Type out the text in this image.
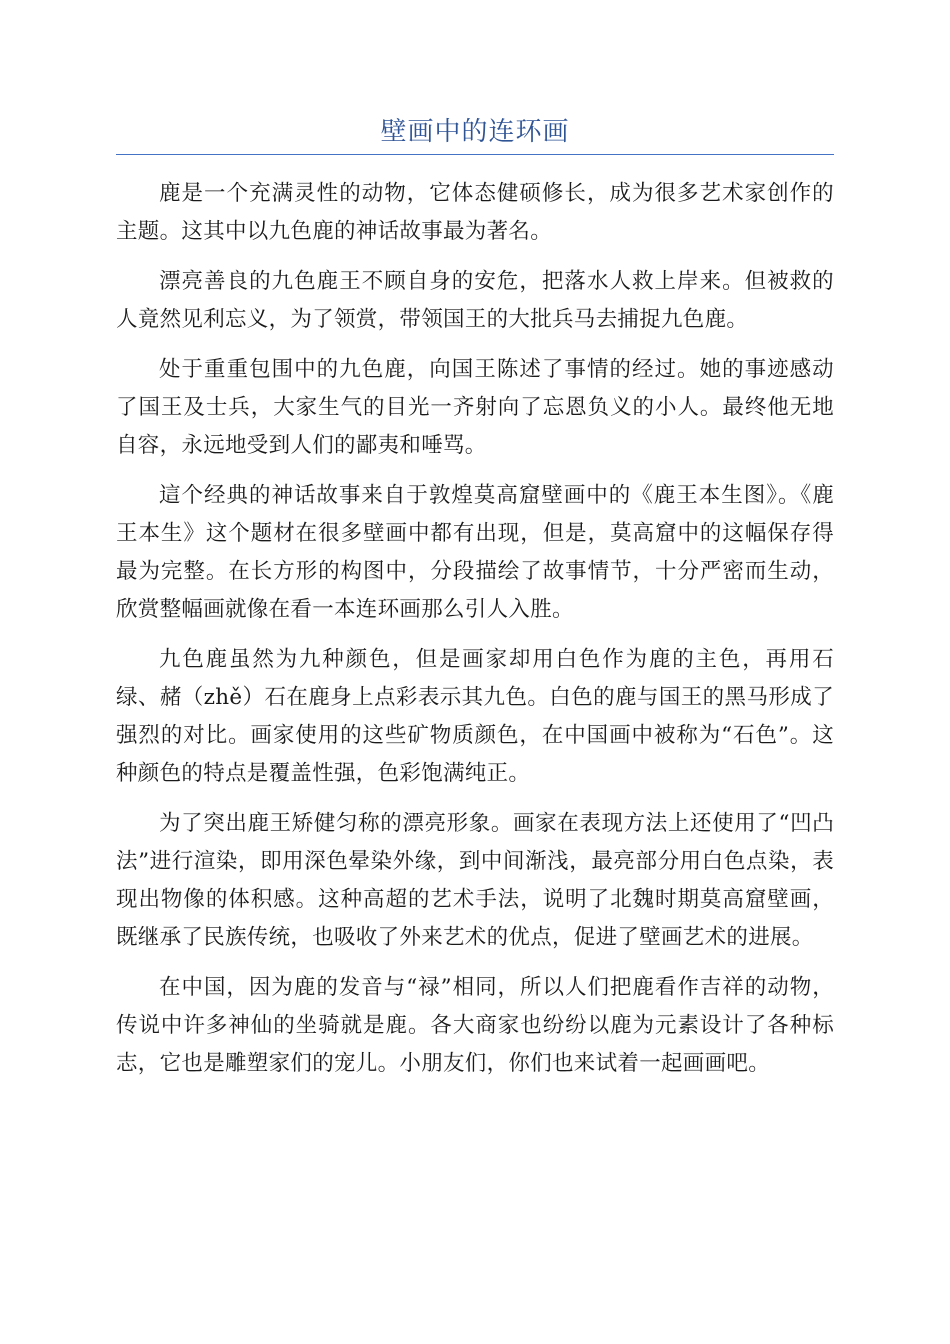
壁画中的连环画

鹿是一个充满灵性的动物，它体态健硕修长，成为很多艺术家创作的主题。这其中以九色鹿的神话故事最为著名。

漂亮善良的九色鹿王不顾自身的安危，把落水人救上岸来。但被救的人竟然见利忘义，为了领赏，带领国王的大批兵马去捕捉九色鹿。

处于重重包围中的九色鹿，向国王陈述了事情的经过。她的事迹感动了国王及士兵，大家生气的目光一齐射向了忘恩负义的小人。最终他无地自容，永远地受到人们的鄙夷和唾骂。

這个经典的神话故事来自于敦煌莫高窟壁画中的《鹿王本生图》。《鹿王本生》这个题材在很多壁画中都有出现，但是，莫高窟中的这幅保存得最为完整。在长方形的构图中，分段描绘了故事情节，十分严密而生动，欣赏整幅画就像在看一本连环画那么引人入胜。

九色鹿虽然为九种颜色，但是画家却用白色作为鹿的主色，再用石绿、赭（zhě）石在鹿身上点彩表示其九色。白色的鹿与国王的黑马形成了强烈的对比。画家使用的这些矿物质颜色，在中国画中被称为“石色”。这种颜色的特点是覆盖性强，色彩饱满纯正。

为了突出鹿王矫健匀称的漂亮形象。画家在表现方法上还使用了“凹凸法”进行渲染，即用深色晕染外缘，到中间渐浅，最亮部分用白色点染，表现出物像的体积感。这种高超的艺术手法，说明了北魏时期莫高窟壁画，既继承了民族传统，也吸收了外来艺术的优点，促进了壁画艺术的进展。

在中国，因为鹿的发音与“禄”相同，所以人们把鹿看作吉祥的动物，传说中许多神仙的坐骑就是鹿。各大商家也纷纷以鹿为元素设计了各种标志，它也是雕塑家们的宠儿。小朋友们，你们也来试着一起画画吧。
